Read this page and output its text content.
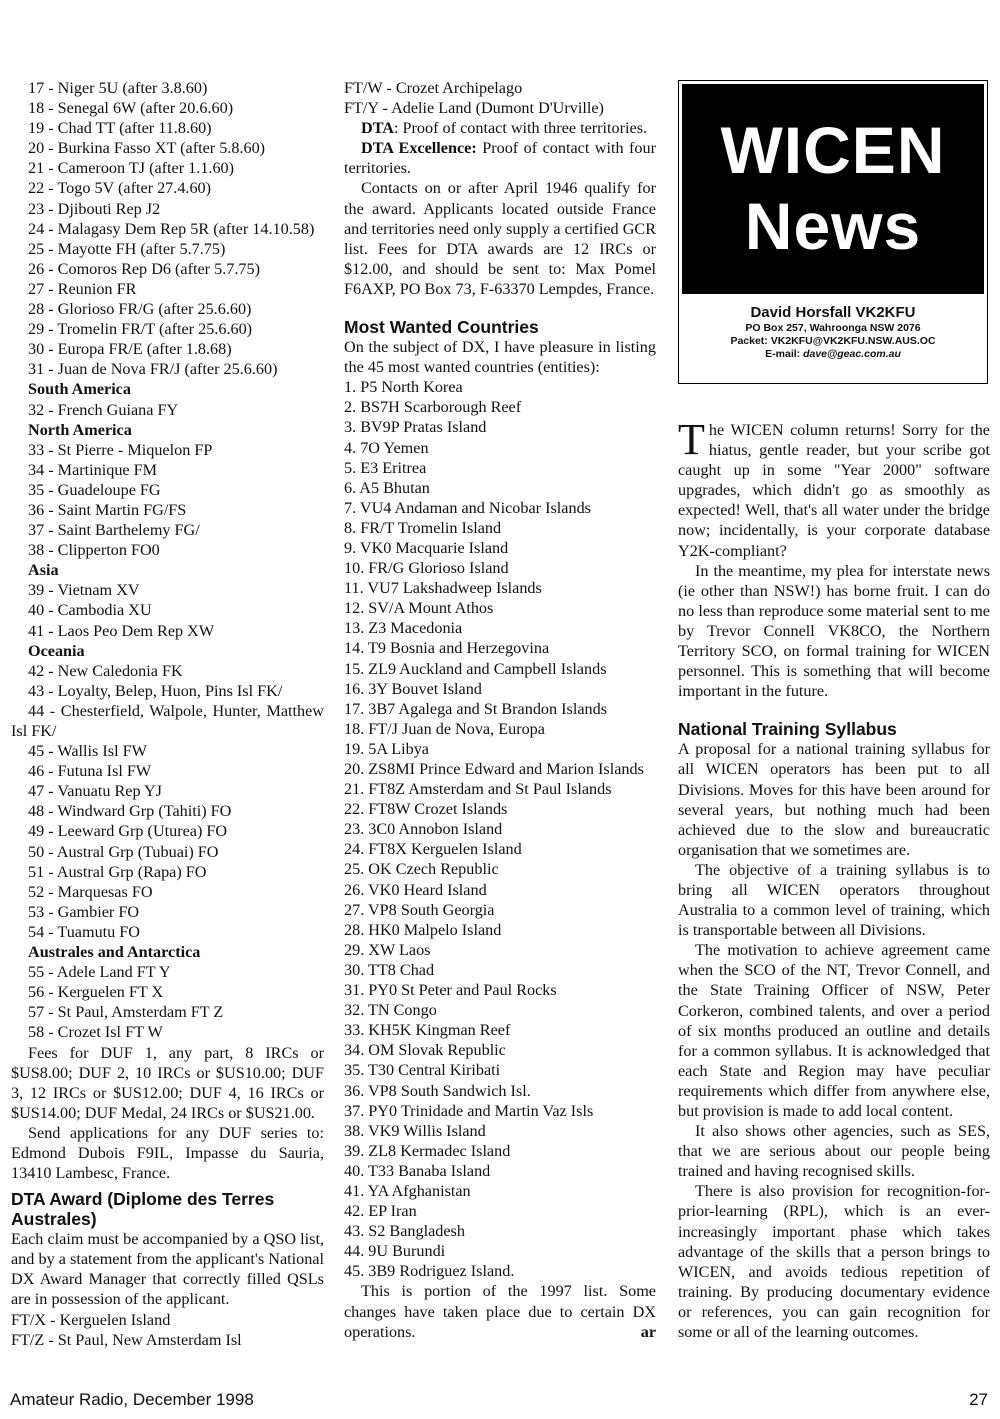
17 - Niger 5U (after 3.8.60)
18 - Senegal 6W (after 20.6.60)
19 - Chad TT (after 11.8.60)
20 - Burkina Fasso XT (after 5.8.60)
21 - Cameroon TJ (after 1.1.60)
22 - Togo 5V (after 27.4.60)
23 - Djibouti Rep J2
24 - Malagasy Dem Rep 5R (after 14.10.58)
25 - Mayotte FH (after 5.7.75)
26 - Comoros Rep D6 (after 5.7.75)
27 - Reunion FR
28 - Glorioso FR/G (after 25.6.60)
29 - Tromelin FR/T (after 25.6.60)
30 - Europa FR/E (after 1.8.68)
31 - Juan de Nova FR/J (after 25.6.60)
South America
32 - French Guiana FY
North America
33 - St Pierre - Miquelon FP
34 - Martinique FM
35 - Guadeloupe FG
36 - Saint Martin FG/FS
37 - Saint Barthelemy FG/
38 - Clipperton FO0
Asia
39 - Vietnam XV
40 - Cambodia XU
41 - Laos Peo Dem Rep XW
Oceania
42 - New Caledonia FK
43 - Loyalty, Belep, Huon, Pins Isl FK/

44 - Chesterfield, Walpole, Hunter, Matthew Isl FK/

45 - Wallis Isl FW
46 - Futuna Isl FW
47 - Vanuatu Rep YJ
48 - Windward Grp (Tahiti) FO
49 - Leeward Grp (Uturea) FO
50 - Austral Grp (Tubuai) FO
51 - Austral Grp (Rapa) FO
52 - Marquesas FO
53 - Gambier FO
54 - Tuamutu FO
Australes and Antarctica
55 - Adele Land FT Y
56 - Kerguelen FT X
57 - St Paul, Amsterdam FT Z
58 - Crozet Isl FT W

Fees for DUF 1, any part, 8 IRCs or $US8.00; DUF 2, 10 IRCs or $US10.00; DUF 3, 12 IRCs or $US12.00; DUF 4, 16 IRCs or $US14.00; DUF Medal, 24 IRCs or $US21.00.

Send applications for any DUF series to: Edmond Dubois F9IL, Impasse du Sauria, 13410 Lambesc, France.

DTA Award (Diplome des Terres Australes)

Each claim must be accompanied by a QSO list, and by a statement from the applicant's National DX Award Manager that correctly filled QSLs are in possession of the applicant.

FT/X - Kerguelen Island
FT/Z - St Paul, New Amsterdam Isl
FT/W - Crozet Archipelago
FT/Y - Adelie Land (Dumont D'Urville)

DTA: Proof of contact with three territories.

DTA Excellence: Proof of contact with four territories.

Contacts on or after April 1946 qualify for the award. Applicants located outside France and territories need only supply a certified GCR list. Fees for DTA awards are 12 IRCs or $12.00, and should be sent to: Max Pomel F6AXP, PO Box 73, F-63370 Lempdes, France.

Most Wanted Countries

On the subject of DX, I have pleasure in listing the 45 most wanted countries (entities):

1. P5 North Korea
2. BS7H Scarborough Reef
3. BV9P Pratas Island
4. 7O Yemen
5. E3 Eritrea
6. A5 Bhutan
7. VU4 Andaman and Nicobar Islands
8. FR/T Tromelin Island
9. VK0 Macquarie Island
10. FR/G Glorioso Island
11. VU7 Lakshadweep Islands
12. SV/A Mount Athos
13. Z3 Macedonia
14. T9 Bosnia and Herzegovina
15. ZL9 Auckland and Campbell Islands
16. 3Y Bouvet Island
17. 3B7 Agalega and St Brandon Islands
18. FT/J Juan de Nova, Europa
19. 5A Libya
20. ZS8MI Prince Edward and Marion Islands
21. FT8Z Amsterdam and St Paul Islands
22. FT8W Crozet Islands
23. 3C0 Annobon Island
24. FT8X Kerguelen Island
25. OK Czech Republic
26. VK0 Heard Island
27. VP8 South Georgia
28. HK0 Malpelo Island
29. XW Laos
30. TT8 Chad
31. PY0 St Peter and Paul Rocks
32. TN Congo
33. KH5K Kingman Reef
34. OM Slovak Republic
35. T30 Central Kiribati
36. VP8 South Sandwich Isl.
37. PY0 Trinidade and Martin Vaz Isls
38. VK9 Willis Island
39. ZL8 Kermadec Island
40. T33 Banaba Island
41. YA Afghanistan
42. EP Iran
43. S2 Bangladesh
44. 9U Burundi
45. 3B9 Rodriguez Island.

This is portion of the 1997 list. Some changes have taken place due to certain DX operations.	ar

WICEN
News
David Horsfall VK2KFU
PO Box 257, Wahroonga NSW 2076
Packet: VK2KFU@VK2KFU.NSW.AUS.OC
E-mail: dave@geac.com.au

The WICEN column returns! Sorry for the hiatus, gentle reader, but your scribe got caught up in some "Year 2000" software upgrades, which didn't go as smoothly as expected! Well, that's all water under the bridge now; incidentally, is your corporate database Y2K-compliant?

In the meantime, my plea for interstate news (ie other than NSW!) has borne fruit. I can do no less than reproduce some material sent to me by Trevor Connell VK8CO, the Northern Territory SCO, on formal training for WICEN personnel. This is something that will become important in the future.

National Training Syllabus

A proposal for a national training syllabus for all WICEN operators has been put to all Divisions. Moves for this have been around for several years, but nothing much had been achieved due to the slow and bureaucratic organisation that we sometimes are.

The objective of a training syllabus is to bring all WICEN operators throughout Australia to a common level of training, which is transportable between all Divisions.

The motivation to achieve agreement came when the SCO of the NT, Trevor Connell, and the State Training Officer of NSW, Peter Corkeron, combined talents, and over a period of six months produced an outline and details for a common syllabus. It is acknowledged that each State and Region may have peculiar requirements which differ from anywhere else, but provision is made to add local content.

It also shows other agencies, such as SES, that we are serious about our people being trained and having recognised skills.

There is also provision for recognition-for-prior-learning (RPL), which is an ever-increasingly important phase which takes advantage of the skills that a person brings to WICEN, and avoids tedious repetition of training. By producing documentary evidence or references, you can gain recognition for some or all of the learning outcomes.

Amateur Radio, December 1998	27
